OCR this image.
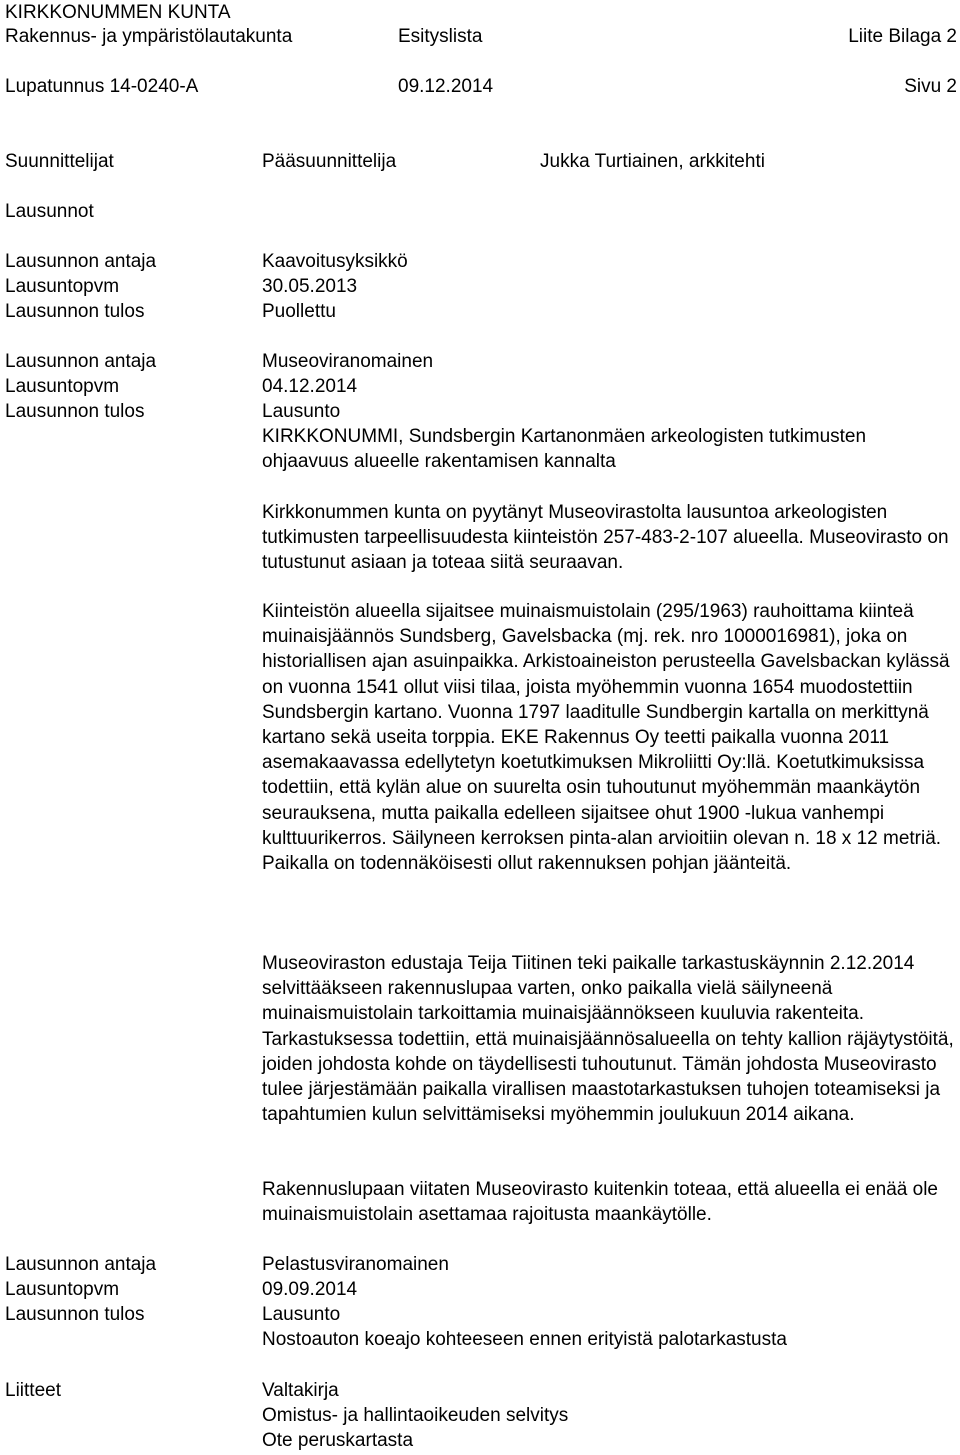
KIRKKONUMMEN KUNTA
Rakennus- ja ympäristölautakunta	Esityslista	Liite Bilaga 2
Lupatunnus 14-0240-A	09.12.2014	Sivu 2
Suunnittelijat	Pääsuunnittelija	Jukka Turtiainen, arkkitehti
Lausunnot
Lausunnon antaja	Kaavoitusyksikkö
Lausuntopvm	30.05.2013
Lausunnon tulos	Puollettu
Lausunnon antaja	Museoviranomainen
Lausuntopvm	04.12.2014
Lausunnon tulos	Lausunto

KIRKKONUMMI, Sundsbergin Kartanonmäen arkeologisten tutkimusten ohjaavuus alueelle rakentamisen kannalta

Kirkkonummen kunta on pyytänyt Museovirastolta lausuntoa arkeologisten tutkimusten tarpeellisuudesta kiinteistön 257-483-2-107 alueella. Museovirasto on tutustunut asiaan ja toteaa siitä seuraavan.

Kiinteistön alueella sijaitsee muinaismuistolain (295/1963) rauhoittama kiinteä muinaisjäännös Sundsberg, Gavelsbacka (mj. rek. nro 1000016981), joka on historiallisen ajan asuinpaikka. Arkistoaineiston perusteella Gavelsbackan kylässä on vuonna 1541 ollut viisi tilaa, joista myöhemmin vuonna 1654 muodostettiin Sundsbergin kartano. Vuonna 1797 laaditulle Sundbergin kartalla on merkittynä kartano sekä useita torppia. EKE Rakennus Oy teetti paikalla vuonna 2011 asemakaavassa edellytetyn koetutkimuksen Mikroliitti Oy:llä. Koetutkimuksissa todettiin, että kylän alue on suurelta osin tuhoutunut myöhemmän maankäytön seurauksena, mutta paikalla edelleen sijaitsee ohut 1900 -lukua vanhempi kulttuurikerros. Säilyneen kerroksen pinta-alan arvioitiin olevan n. 18 x 12 metriä. Paikalla on todennäköisesti ollut rakennuksen pohjan jäänteitä.

Museoviraston edustaja Teija Tiitinen teki paikalle tarkastuskäynnin 2.12.2014 selvittääkseen rakennuslupaa varten, onko paikalla vielä säilyneenä muinaismuistolain tarkoittamia muinaisjäännökseen kuuluvia rakenteita. Tarkastuksessa todettiin, että muinaisjäännösalueella on tehty kallion räjäytystöitä, joiden johdosta kohde on täydellisesti tuhoutunut. Tämän johdosta Museovirasto tulee järjestämään paikalla virallisen maastotarkastuksen tuhojen toteamiseksi ja tapahtumien kulun selvittämiseksi myöhemmin joulukuun 2014 aikana.

Rakennuslupaan viitaten Museovirasto kuitenkin toteaa, että alueella ei enää ole muinaismuistolain asettamaa rajoitusta maankäytölle.

Lausunnon antaja	Pelastusviranomainen
Lausuntopvm	09.09.2014
Lausunnon tulos	Lausunto
Nostoauton koeajo kohteeseen ennen erityistä palotarkastusta
Liitteet	Valtakirja
Omistus- ja hallintaoikeuden selvitys
Ote peruskartasta
